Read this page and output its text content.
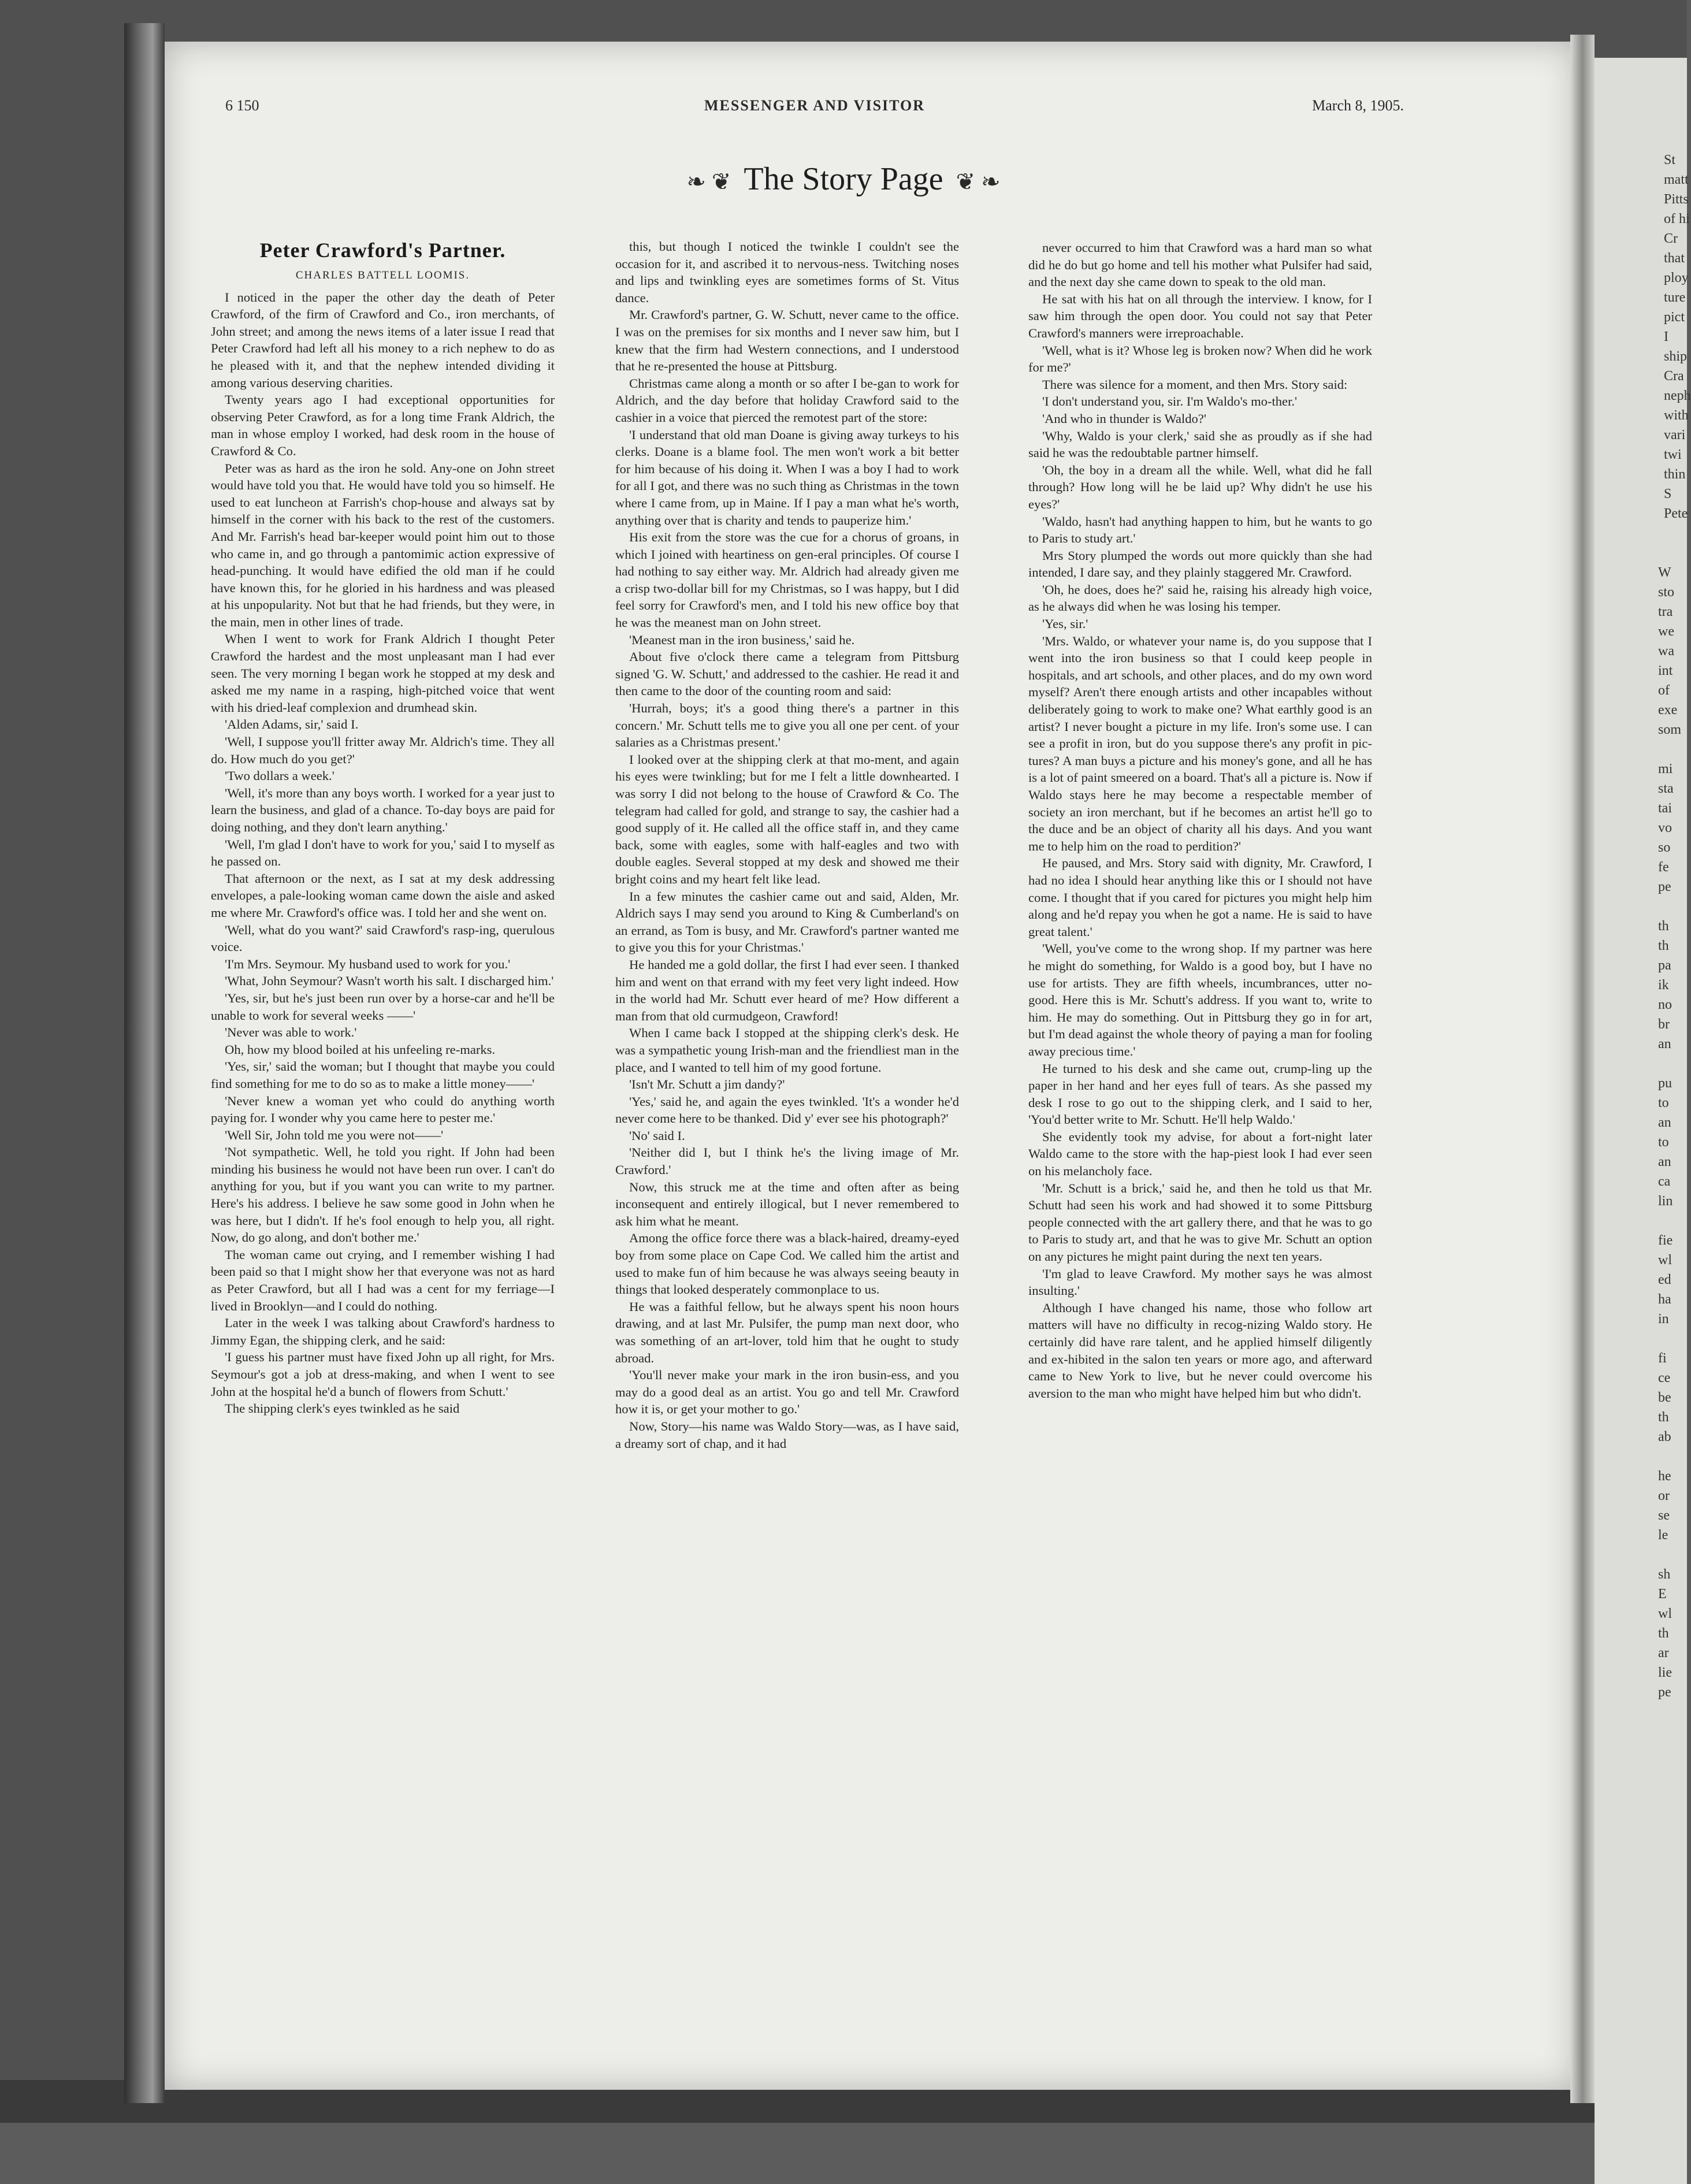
St

matt

Pitts

of hi

Cr

that

ploy

ture

pict

I

ship

Cra

neph

with

vari

twi

thin

S

Pete

W

sto

tra

we

wa

int

of

exe

som

mi

sta

tai

vo

so

fe

pe

th

th

pa

ik

no

br

an

pu

to

an

to

an

ca

lin

fie

wl

ed

ha

in

fi

ce

be

th

ab

he

or

se

le

sh

E

wl

th

ar

lie

pe

MESSENGER AND VISITOR
6 150	March 8, 1905.
❧ ❦ The Story Page ❦ ❧
Peter Crawford's Partner.
CHARLES BATTELL LOOMIS.

I noticed in the paper the other day the death of Peter Crawford, of the firm of Crawford and Co., iron merchants, of John street; and among the news items of a later issue I read that Peter Crawford had left all his money to a rich nephew to do as he pleased with it, and that the nephew intended dividing it among various deserving charities.

Twenty years ago I had exceptional opportunities for observing Peter Crawford, as for a long time Frank Aldrich, the man in whose employ I worked, had desk room in the house of Crawford & Co.

Peter was as hard as the iron he sold. Any-one on John street would have told you that. He would have told you so himself. He used to eat luncheon at Farrish's chop-house and always sat by himself in the corner with his back to the rest of the customers. And Mr. Farrish's head bar-keeper would point him out to those who came in, and go through a pantomimic action expressive of head-punching. It would have edified the old man if he could have known this, for he gloried in his hardness and was pleased at his unpopularity. Not but that he had friends, but they were, in the main, men in other lines of trade.

When I went to work for Frank Aldrich I thought Peter Crawford the hardest and the most unpleasant man I had ever seen. The very morning I began work he stopped at my desk and asked me my name in a rasping, high-pitched voice that went with his dried-leaf complexion and drumhead skin.

'Alden Adams, sir,' said I.

'Well, I suppose you'll fritter away Mr. Aldrich's time. They all do. How much do you get?'

'Two dollars a week.'

'Well, it's more than any boys worth. I worked for a year just to learn the business, and glad of a chance. To-day boys are paid for doing nothing, and they don't learn anything.'

'Well, I'm glad I don't have to work for you,' said I to myself as he passed on.

That afternoon or the next, as I sat at my desk addressing envelopes, a pale-looking woman came down the aisle and asked me where Mr. Crawford's office was. I told her and she went on.

'Well, what do you want?' said Crawford's rasp-ing, querulous voice.

'I'm Mrs. Seymour. My husband used to work for you.'

'What, John Seymour? Wasn't worth his salt. I discharged him.'

'Yes, sir, but he's just been run over by a horse-car and he'll be unable to work for several weeks ——'

'Never was able to work.'

Oh, how my blood boiled at his unfeeling re-marks.

'Yes, sir,' said the woman; but I thought that maybe you could find something for me to do so as to make a little money——'

'Never knew a woman yet who could do anything worth paying for. I wonder why you came here to pester me.'

'Well Sir, John told me you were not——'

'Not sympathetic. Well, he told you right. If John had been minding his business he would not have been run over. I can't do anything for you, but if you want you can write to my partner. Here's his address. I believe he saw some good in John when he was here, but I didn't. If he's fool enough to help you, all right. Now, do go along, and don't bother me.'

The woman came out crying, and I remember wishing I had been paid so that I might show her that everyone was not as hard as Peter Crawford, but all I had was a cent for my ferriage—I lived in Brooklyn—and I could do nothing.

Later in the week I was talking about Crawford's hardness to Jimmy Egan, the shipping clerk, and he said:

'I guess his partner must have fixed John up all right, for Mrs. Seymour's got a job at dress-making, and when I went to see John at the hospital he'd a bunch of flowers from Schutt.'

The shipping clerk's eyes twinkled as he said

this, but though I noticed the twinkle I couldn't see the occasion for it, and ascribed it to nervous-ness. Twitching noses and lips and twinkling eyes are sometimes forms of St. Vitus dance.

Mr. Crawford's partner, G. W. Schutt, never came to the office. I was on the premises for six months and I never saw him, but I knew that the firm had Western connections, and I understood that he re-presented the house at Pittsburg.

Christmas came along a month or so after I be-gan to work for Aldrich, and the day before that holiday Crawford said to the cashier in a voice that pierced the remotest part of the store:

'I understand that old man Doane is giving away turkeys to his clerks. Doane is a blame fool. The men won't work a bit better for him because of his doing it. When I was a boy I had to work for all I got, and there was no such thing as Christmas in the town where I came from, up in Maine. If I pay a man what he's worth, anything over that is charity and tends to pauperize him.'

His exit from the store was the cue for a chorus of groans, in which I joined with heartiness on gen-eral principles. Of course I had nothing to say either way. Mr. Aldrich had already given me a crisp two-dollar bill for my Christmas, so I was happy, but I did feel sorry for Crawford's men, and I told his new office boy that he was the meanest man on John street.

'Meanest man in the iron business,' said he.

About five o'clock there came a telegram from Pittsburg signed 'G. W. Schutt,' and addressed to the cashier. He read it and then came to the door of the counting room and said:

'Hurrah, boys; it's a good thing there's a partner in this concern.' Mr. Schutt tells me to give you all one per cent. of your salaries as a Christmas present.'

I looked over at the shipping clerk at that mo-ment, and again his eyes were twinkling; but for me I felt a little downhearted. I was sorry I did not belong to the house of Crawford & Co. The telegram had called for gold, and strange to say, the cashier had a good supply of it. He called all the office staff in, and they came back, some with eagles, some with half-eagles and two with double eagles. Several stopped at my desk and showed me their bright coins and my heart felt like lead.

In a few minutes the cashier came out and said, Alden, Mr. Aldrich says I may send you around to King & Cumberland's on an errand, as Tom is busy, and Mr. Crawford's partner wanted me to give you this for your Christmas.'

He handed me a gold dollar, the first I had ever seen. I thanked him and went on that errand with my feet very light indeed. How in the world had Mr. Schutt ever heard of me? How different a man from that old curmudgeon, Crawford!

When I came back I stopped at the shipping clerk's desk. He was a sympathetic young Irish-man and the friendliest man in the place, and I wanted to tell him of my good fortune.

'Isn't Mr. Schutt a jim dandy?'

'Yes,' said he, and again the eyes twinkled. 'It's a wonder he'd never come here to be thanked. Did y' ever see his photograph?'

'No' said I.

'Neither did I, but I think he's the living image of Mr. Crawford.'

Now, this struck me at the time and often after as being inconsequent and entirely illogical, but I never remembered to ask him what he meant.

Among the office force there was a black-haired, dreamy-eyed boy from some place on Cape Cod. We called him the artist and used to make fun of him because he was always seeing beauty in things that looked desperately commonplace to us.

He was a faithful fellow, but he always spent his noon hours drawing, and at last Mr. Pulsifer, the pump man next door, who was something of an art-lover, told him that he ought to study abroad.

'You'll never make your mark in the iron busin-ess, and you may do a good deal as an artist. You go and tell Mr. Crawford how it is, or get your mother to go.'

Now, Story—his name was Waldo Story—was, as I have said, a dreamy sort of chap, and it had

never occurred to him that Crawford was a hard man so what did he do but go home and tell his mother what Pulsifer had said, and the next day she came down to speak to the old man.

He sat with his hat on all through the interview. I know, for I saw him through the open door. You could not say that Peter Crawford's manners were irreproachable.

'Well, what is it? Whose leg is broken now? When did he work for me?'

There was silence for a moment, and then Mrs. Story said:

'I don't understand you, sir. I'm Waldo's mo-ther.'

'And who in thunder is Waldo?'

'Why, Waldo is your clerk,' said she as proudly as if she had said he was the redoubtable partner himself.

'Oh, the boy in a dream all the while. Well, what did he fall through? How long will he be laid up? Why didn't he use his eyes?'

'Waldo, hasn't had anything happen to him, but he wants to go to Paris to study art.'

Mrs Story plumped the words out more quickly than she had intended, I dare say, and they plainly staggered Mr. Crawford.

'Oh, he does, does he?' said he, raising his already high voice, as he always did when he was losing his temper.

'Yes, sir.'

'Mrs. Waldo, or whatever your name is, do you suppose that I went into the iron business so that I could keep people in hospitals, and art schools, and other places, and do my own word myself? Aren't there enough artists and other incapables without deliberately going to work to make one? What earthly good is an artist? I never bought a picture in my life. Iron's some use. I can see a profit in iron, but do you suppose there's any profit in pic-tures? A man buys a picture and his money's gone, and all he has is a lot of paint smeered on a board. That's all a picture is. Now if Waldo stays here he may become a respectable member of society an iron merchant, but if he becomes an artist he'll go to the duce and be an object of charity all his days. And you want me to help him on the road to perdition?'

He paused, and Mrs. Story said with dignity, Mr. Crawford, I had no idea I should hear anything like this or I should not have come. I thought that if you cared for pictures you might help him along and he'd repay you when he got a name. He is said to have great talent.'

'Well, you've come to the wrong shop. If my partner was here he might do something, for Waldo is a good boy, but I have no use for artists. They are fifth wheels, incumbrances, utter no-good. Here this is Mr. Schutt's address. If you want to, write to him. He may do something. Out in Pittsburg they go in for art, but I'm dead against the whole theory of paying a man for fooling away precious time.'

He turned to his desk and she came out, crump-ling up the paper in her hand and her eyes full of tears. As she passed my desk I rose to go out to the shipping clerk, and I said to her, 'You'd better write to Mr. Schutt. He'll help Waldo.'

She evidently took my advise, for about a fort-night later Waldo came to the store with the hap-piest look I had ever seen on his melancholy face.

'Mr. Schutt is a brick,' said he, and then he told us that Mr. Schutt had seen his work and had showed it to some Pittsburg people connected with the art gallery there, and that he was to go to Paris to study art, and that he was to give Mr. Schutt an option on any pictures he might paint during the next ten years.

'I'm glad to leave Crawford. My mother says he was almost insulting.'

Although I have changed his name, those who follow art matters will have no difficulty in recog-nizing Waldo story. He certainly did have rare talent, and he applied himself diligently and ex-hibited in the salon ten years or more ago, and afterward came to New York to live, but he never could overcome his aversion to the man who might have helped him but who didn't.
